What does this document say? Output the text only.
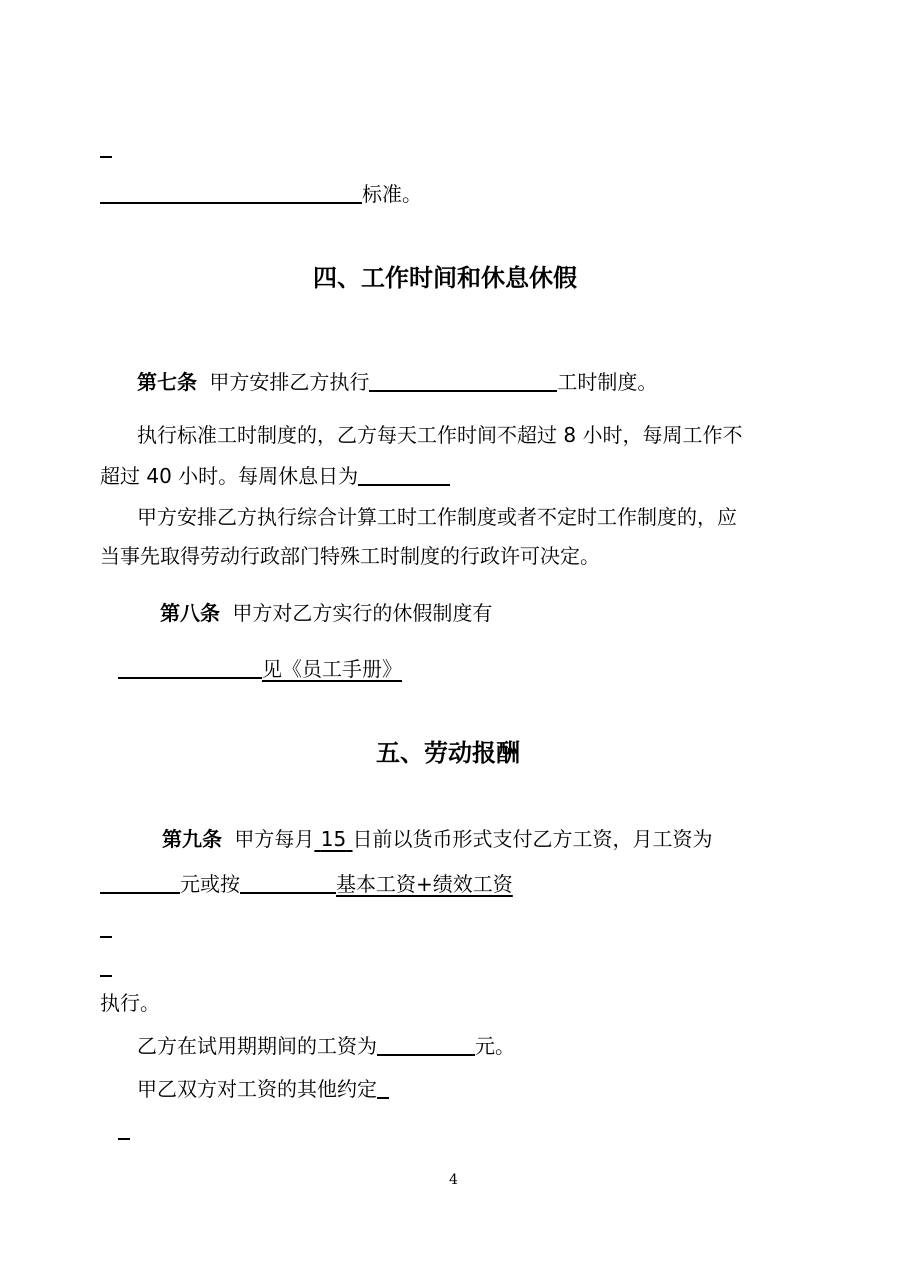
标准。
四、工作时间和休息休假
第七条 甲方安排乙方执行	工时制度。
执行标准工时制度的，乙方每天工作时间不超过 8 小时，每周工作不
超过 40 小时。每周休息日为
甲方安排乙方执行综合计算工时工作制度或者不定时工作制度的，应
当事先取得劳动行政部门特殊工时制度的行政许可决定。
第八条 甲方对乙方实行的休假制度有
见《员工手册》
五、劳动报酬
第九条 甲方每月 15 日前以货币形式支付乙方工资，月工资为
元或按	基本工资+绩效工资
执行。
乙方在试用期期间的工资为	元。
甲乙双方对工资的其他约定
4
